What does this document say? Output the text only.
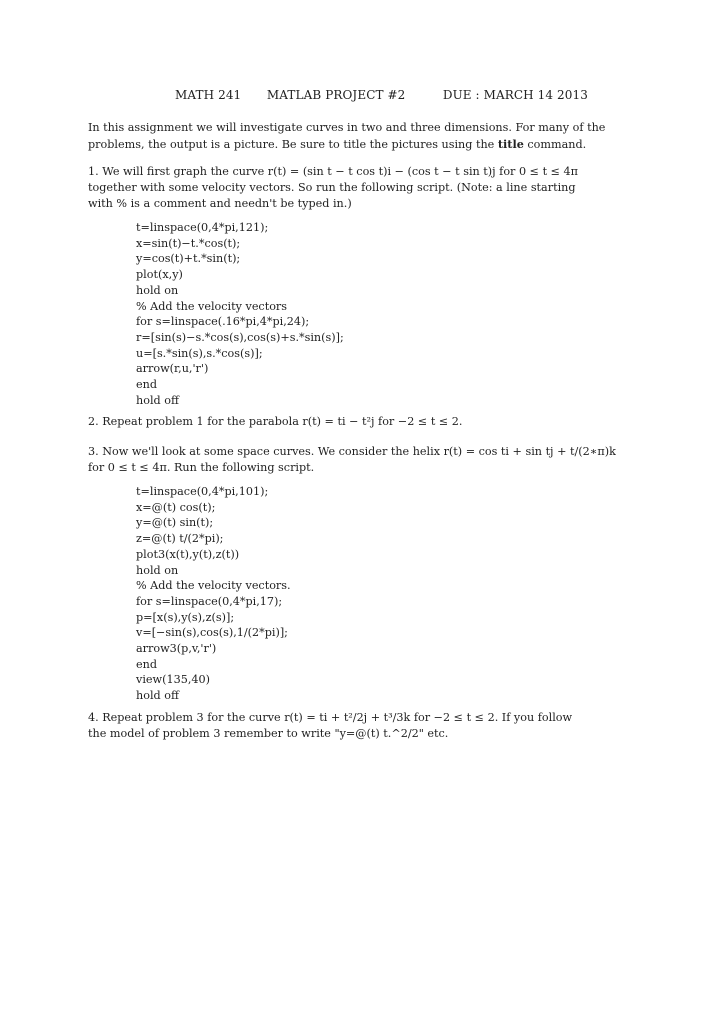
MATH 241 MATLAB PROJECT #2	DUE : MARCH 14 2013
In this assignment we will investigate curves in two and three dimensions. For many of the
problems, the output is a picture. Be sure to title the pictures using the title command.
1. We will first graph the curve r(t) = (sin t − t cos t)i − (cos t − t sin t)j for 0 ≤ t ≤ 4π
together with some velocity vectors. So run the following script. (Note: a line starting
with % is a comment and needn't be typed in.)
t=linspace(0,4*pi,121);
x=sin(t)−t.*cos(t);
y=cos(t)+t.*sin(t);
plot(x,y)
hold on
% Add the velocity vectors
for s=linspace(.16*pi,4*pi,24);
r=[sin(s)−s.*cos(s),cos(s)+s.*sin(s)];
u=[s.*sin(s),s.*cos(s)];
arrow(r,u,'r')
end
hold off
2. Repeat problem 1 for the parabola r(t) = ti − t²j for −2 ≤ t ≤ 2.
3. Now we'll look at some space curves. We consider the helix r(t) = cos ti + sin tj + t/(2∗π)k
for 0 ≤ t ≤ 4π. Run the following script.
t=linspace(0,4*pi,101);
x=@(t) cos(t);
y=@(t) sin(t);
z=@(t) t/(2*pi);
plot3(x(t),y(t),z(t))
hold on
% Add the velocity vectors.
for s=linspace(0,4*pi,17);
p=[x(s),y(s),z(s)];
v=[−sin(s),cos(s),1/(2*pi)];
arrow3(p,v,'r')
end
view(135,40)
hold off
4. Repeat problem 3 for the curve r(t) = ti + t²/2j + t³/3k for −2 ≤ t ≤ 2. If you follow
the model of problem 3 remember to write "y=@(t) t.^2/2" etc.
